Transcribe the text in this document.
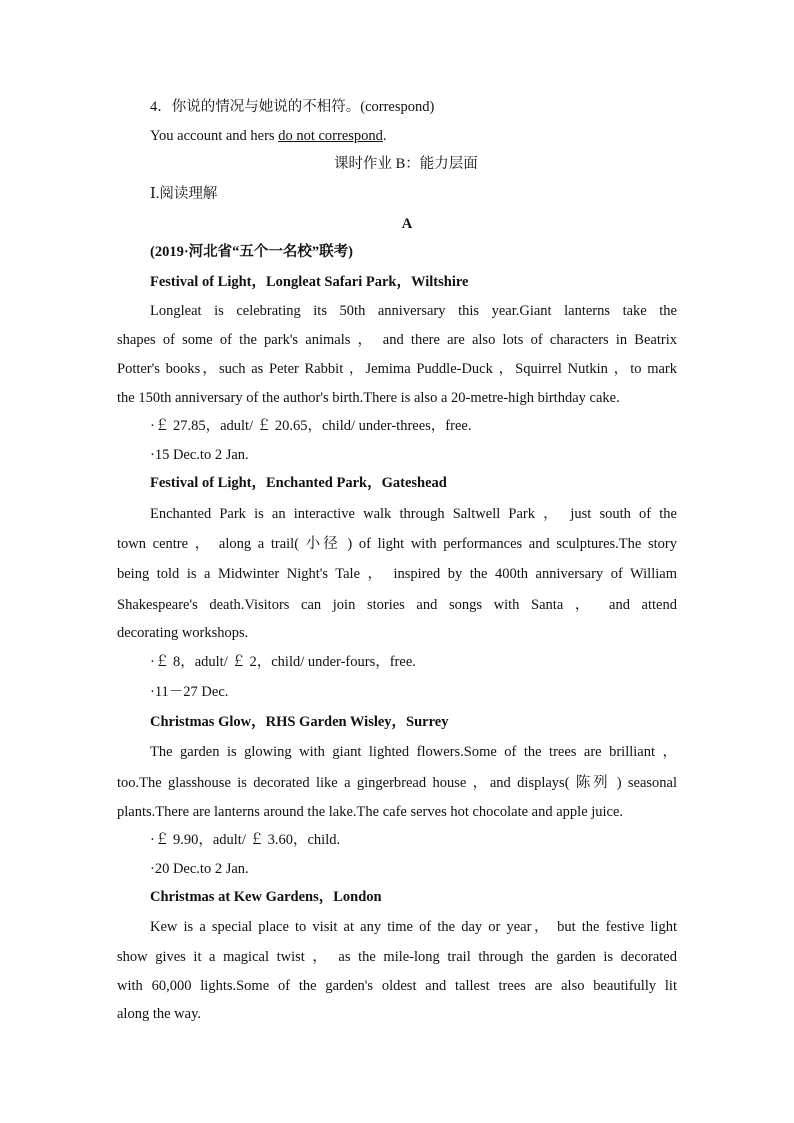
4．你说的情况与她说的不相符。(correspond)
You account and hers do not correspond.
课时作业 B：能力层面
Ⅰ.阅读理解
A
(2019·河北省“五个一名校”联考)
Festival of Light，Longleat Safari Park，Wiltshire
Longleat is celebrating its 50th anniversary this year.Giant lanterns take the
shapes of some of the park's animals ， and there are also lots of characters in Beatrix
Potter's books，such as Peter Rabbit ，Jemima Puddle-Duck ，Squirrel Nutkin ，to mark
the 150th anniversary of the author's birth.There is also a 20-metre-high birthday cake.
·￡ 27.85，adult/ ￡ 20.65，child/ under-threes，free.
·15 Dec.to 2 Jan.
Festival of Light，Enchanted Park，Gateshead
Enchanted Park is an interactive walk through Saltwell Park ， just south of the
town centre ， along a trail( 小径 ) of light with performances and sculptures.The story
being told is a Midwinter Night's Tale ， inspired by the 400th anniversary of William
Shakespeare's death.Visitors can join stories and songs with Santa ， and attend
decorating workshops.
·￡ 8，adult/ ￡ 2，child/ under-fours，free.
·11－27 Dec.
Christmas Glow，RHS Garden Wisley，Surrey
The garden is glowing with giant lighted flowers.Some of the trees are brilliant ，
too.The glasshouse is decorated like a gingerbread house ，and displays( 陈列 ) seasonal
plants.There are lanterns around the lake.The cafe serves hot chocolate and apple juice.
·￡ 9.90，adult/ ￡ 3.60，child.
·20 Dec.to 2 Jan.
Christmas at Kew Gardens，London
Kew is a special place to visit at any time of the day or year， but the festive light
show gives it a magical twist ， as the mile-long trail through the garden is decorated
with 60,000 lights.Some of the garden's oldest and tallest trees are also beautifully lit
along the way.
